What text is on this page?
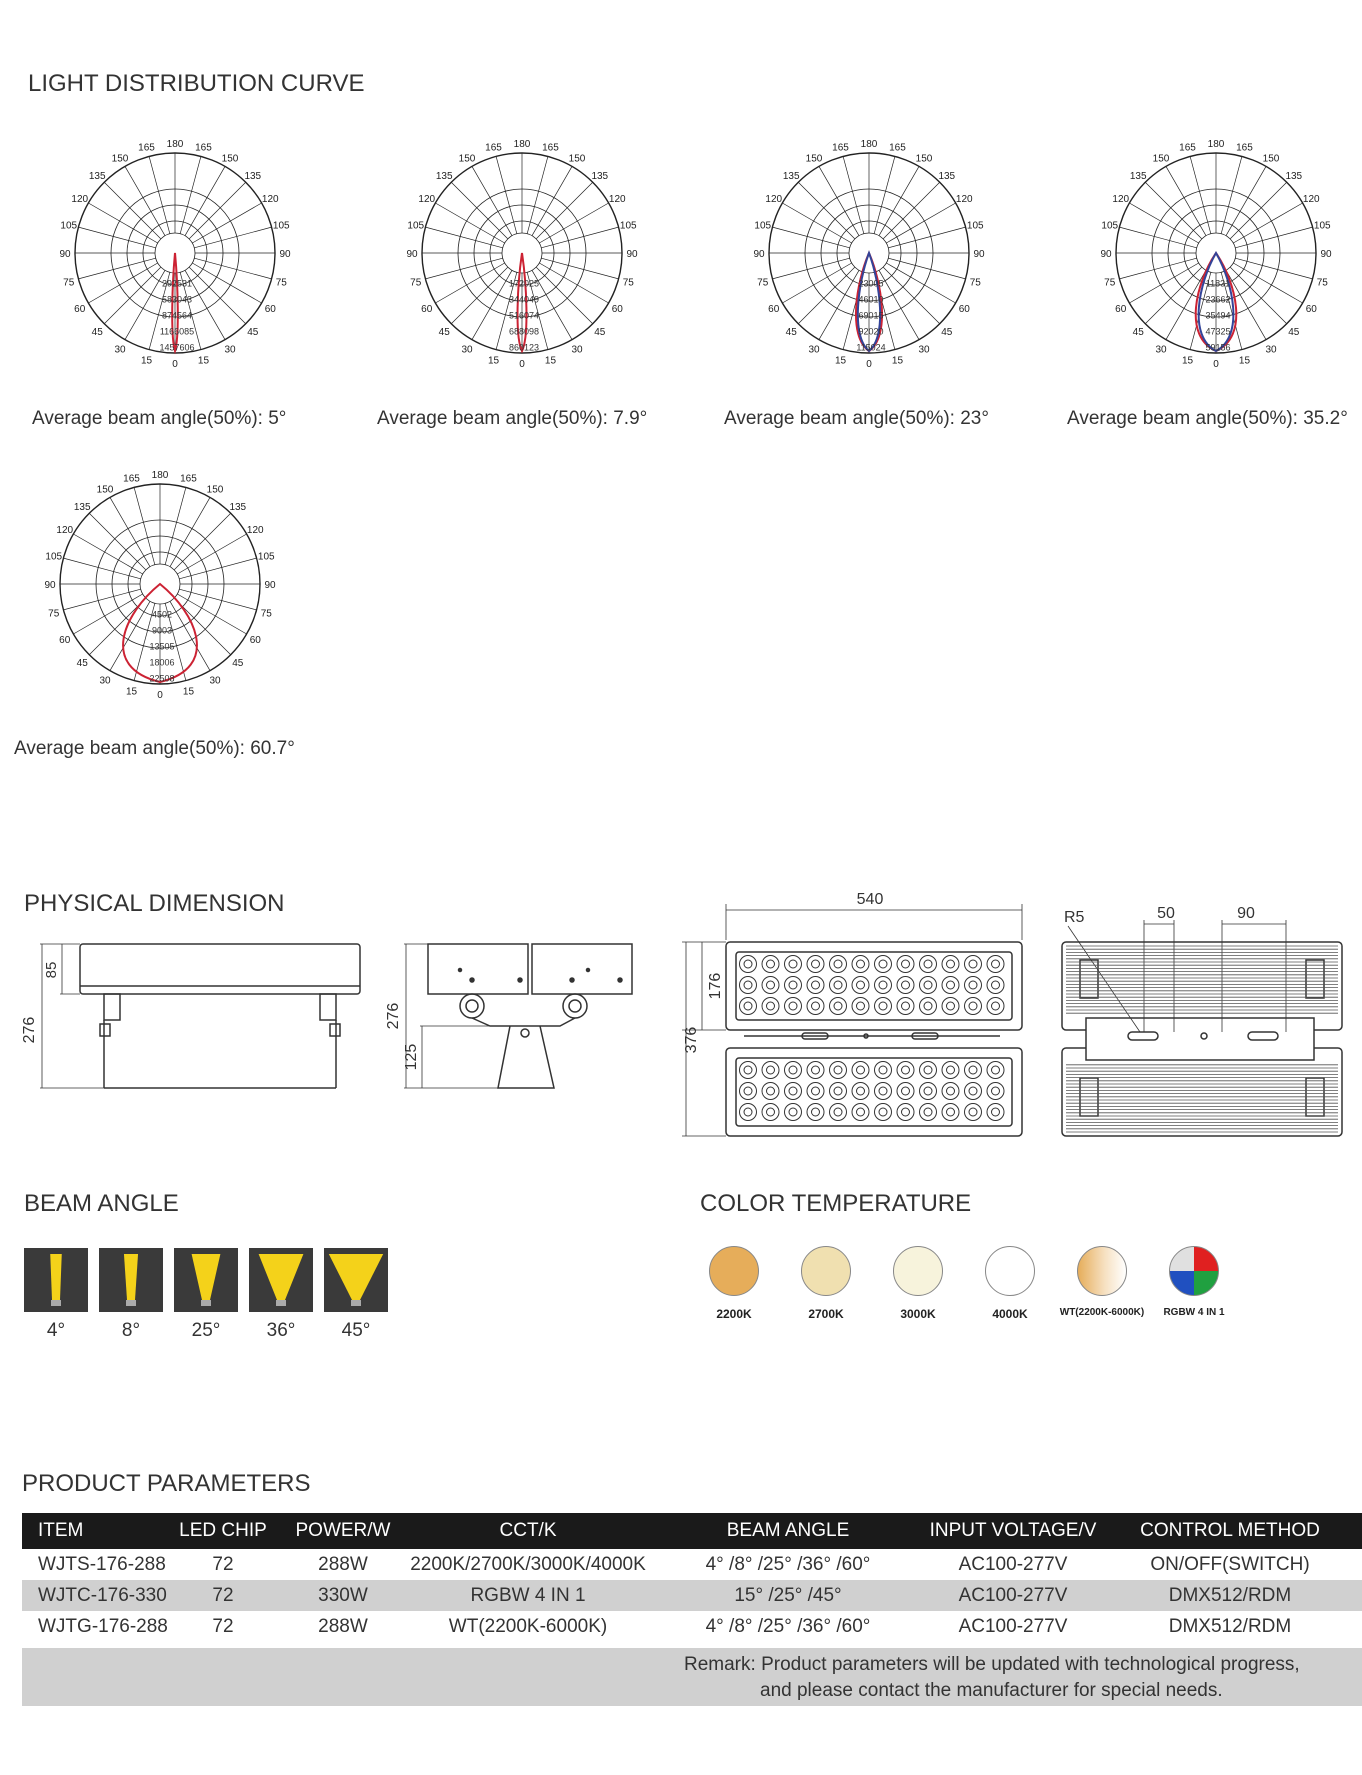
LIGHT DISTRIBUTION CURVE
180
165	165
150	150
135	135
120	120
105	105
90	90
75	75
60	60
45	45
30	30
15	15
0
292531
583043
874564
1166085
1457606
180
165	165
150	150
135	135
120	120
105	105
90	90
75	75
60	60
45	45
30	30
15	15
0
172025
344049
516074
688098
860123
180
165	165
150	150
135	135
120	120
105	105
90	90
75	75
60	60
45	45
30	30
15	15
0
23005
46010
69015
92020
115024
180
165	165
150	150
135	135
120	120
105	105
90	90
75	75
60	60
45	45
30	30
15	15
0
11831
23662
35494
47325
59156
180
165	165
150	150
135	135
120	120
105	105
90	90
75	75
60	60
45	45
30	30
15	15
0
4502
9003
13505
18006
22508
Average beam angle(50%): 5°	Average beam angle(50%): 7.9°	Average beam angle(50%): 23°	Average beam angle(50%): 35.2°
Average beam angle(50%): 60.7°
PHYSICAL DIMENSION
276
85
276
125
540
176
376
R5	50	90
BEAM ANGLE
4°	8°	25°	36°	45°
COLOR TEMPERATURE
2200K	2700K	3000K	4000K	WT(2200K-6000K)	RGBW 4 IN 1
PRODUCT PARAMETERS
ITEM	LED CHIP	POWER/W	CCT/K	BEAM ANGLE	INPUT VOLTAGE/V	CONTROL METHOD
WJTS-176-288	72	288W	2200K/2700K/3000K/4000K	4° /8° /25° /36° /60°	AC100-277V	ON/OFF(SWITCH)
WJTC-176-330	72	330W	RGBW 4 IN 1	15° /25° /45°	AC100-277V	DMX512/RDM
WJTG-176-288	72	288W	WT(2200K-6000K)	4° /8° /25° /36° /60°	AC100-277V	DMX512/RDM
Remark: Product parameters will be updated with technological progress,
and please contact the manufacturer for special needs.
